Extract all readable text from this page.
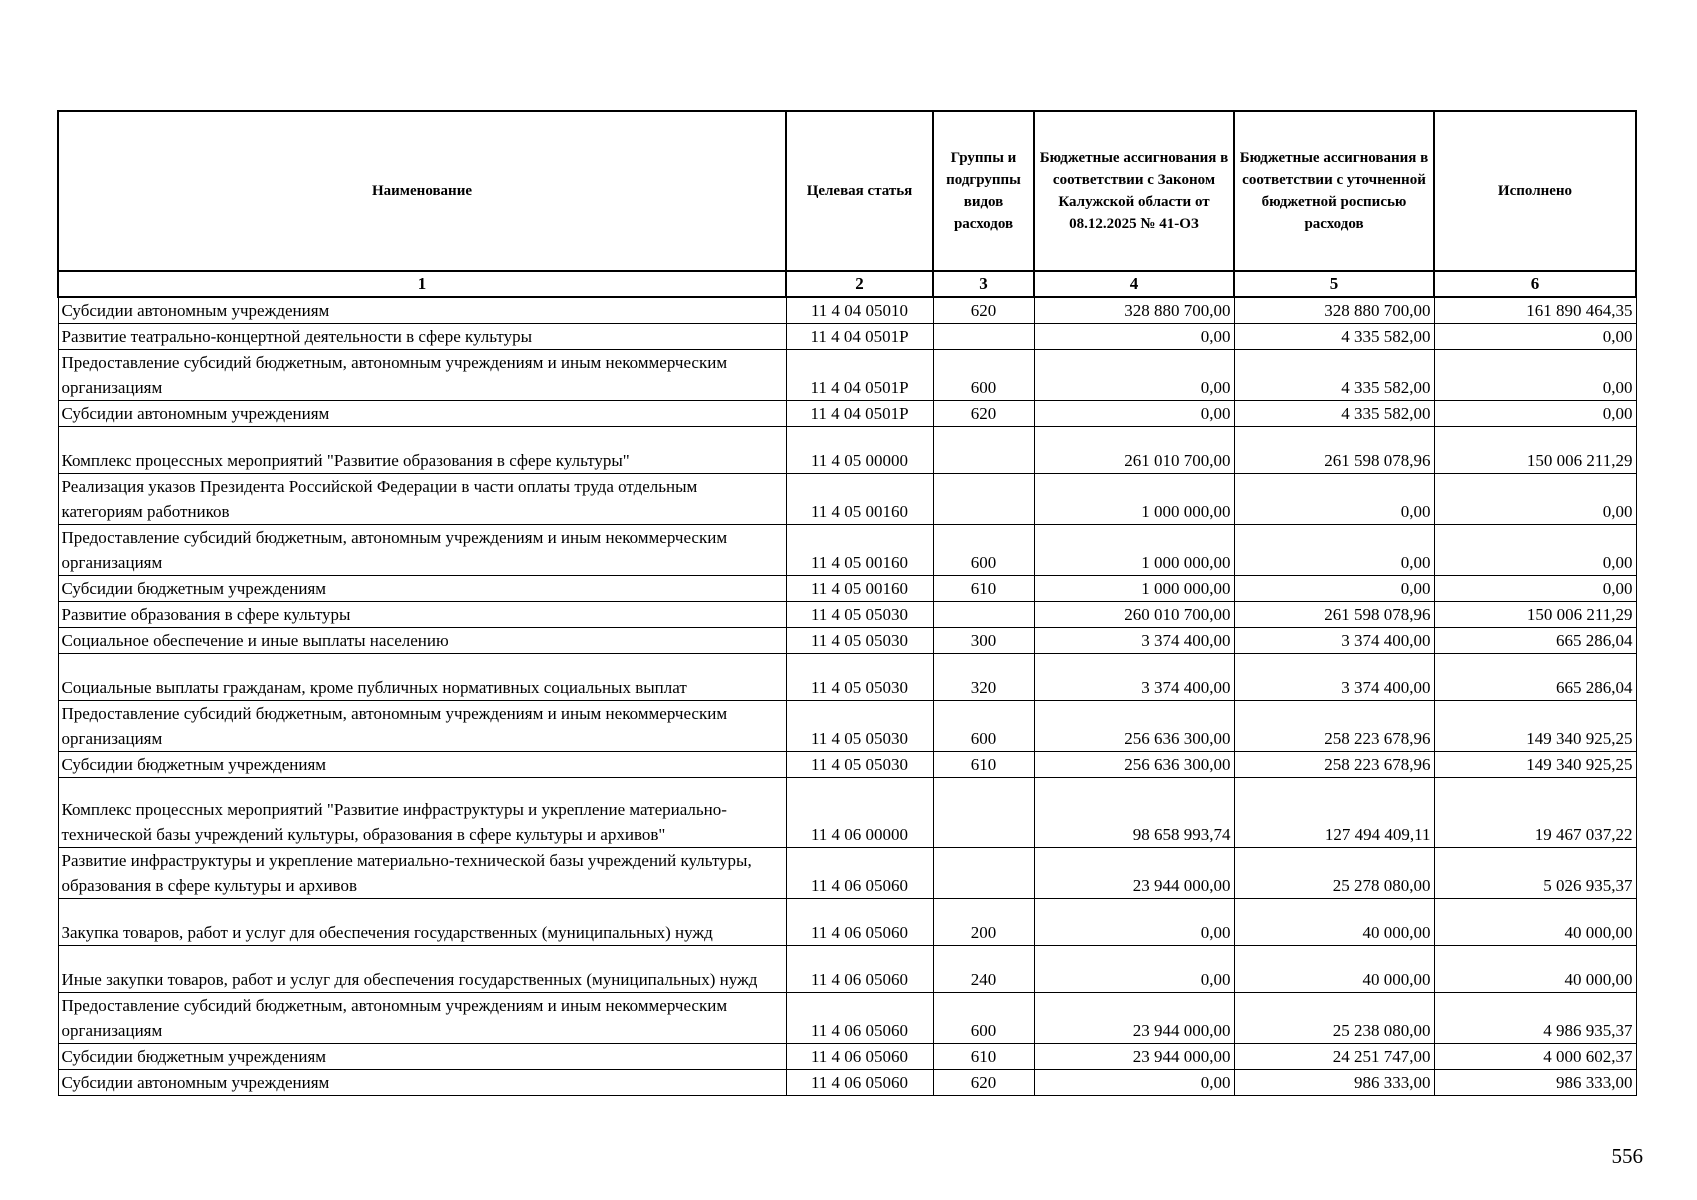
Наименование	Целевая статья	Группы и подгруппы видов расходов	Бюджетные ассигнования в соответствии с Законом Калужской области от 08.12.2025 № 41-ОЗ	Бюджетные ассигнования в соответствии с уточненной бюджетной росписью расходов	Исполнено
1	2	3	4	5	6
Субсидии автономным учреждениям	11 4 04 05010	620	328 880 700,00	328 880 700,00	161 890 464,35
Развитие театрально-концертной деятельности в сфере культуры	11 4 04 0501Р		0,00	4 335 582,00	0,00
Предоставление субсидий бюджетным, автономным учреждениям и иным некоммерческим организациям	11 4 04 0501Р	600	0,00	4 335 582,00	0,00
Субсидии автономным учреждениям	11 4 04 0501Р	620	0,00	4 335 582,00	0,00
Комплекс процессных мероприятий "Развитие образования в сфере культуры"	11 4 05 00000		261 010 700,00	261 598 078,96	150 006 211,29
Реализация указов Президента Российской Федерации в части оплаты труда отдельным категориям работников	11 4 05 00160		1 000 000,00	0,00	0,00
Предоставление субсидий бюджетным, автономным учреждениям и иным некоммерческим организациям	11 4 05 00160	600	1 000 000,00	0,00	0,00
Субсидии бюджетным учреждениям	11 4 05 00160	610	1 000 000,00	0,00	0,00
Развитие образования в сфере культуры	11 4 05 05030		260 010 700,00	261 598 078,96	150 006 211,29
Социальное обеспечение и иные выплаты населению	11 4 05 05030	300	3 374 400,00	3 374 400,00	665 286,04
Социальные выплаты гражданам, кроме публичных нормативных социальных выплат	11 4 05 05030	320	3 374 400,00	3 374 400,00	665 286,04
Предоставление субсидий бюджетным, автономным учреждениям и иным некоммерческим организациям	11 4 05 05030	600	256 636 300,00	258 223 678,96	149 340 925,25
Субсидии бюджетным учреждениям	11 4 05 05030	610	256 636 300,00	258 223 678,96	149 340 925,25
Комплекс процессных мероприятий "Развитие инфраструктуры и укрепление материально-технической базы учреждений культуры, образования в сфере культуры и архивов"	11 4 06 00000		98 658 993,74	127 494 409,11	19 467 037,22
Развитие инфраструктуры и укрепление материально-технической базы учреждений культуры, образования в сфере культуры и архивов	11 4 06 05060		23 944 000,00	25 278 080,00	5 026 935,37
Закупка товаров, работ и услуг для обеспечения государственных (муниципальных) нужд	11 4 06 05060	200	0,00	40 000,00	40 000,00
Иные закупки товаров, работ и услуг для обеспечения государственных (муниципальных) нужд	11 4 06 05060	240	0,00	40 000,00	40 000,00
Предоставление субсидий бюджетным, автономным учреждениям и иным некоммерческим организациям	11 4 06 05060	600	23 944 000,00	25 238 080,00	4 986 935,37
Субсидии бюджетным учреждениям	11 4 06 05060	610	23 944 000,00	24 251 747,00	4 000 602,37
Субсидии автономным учреждениям	11 4 06 05060	620	0,00	986 333,00	986 333,00
556
